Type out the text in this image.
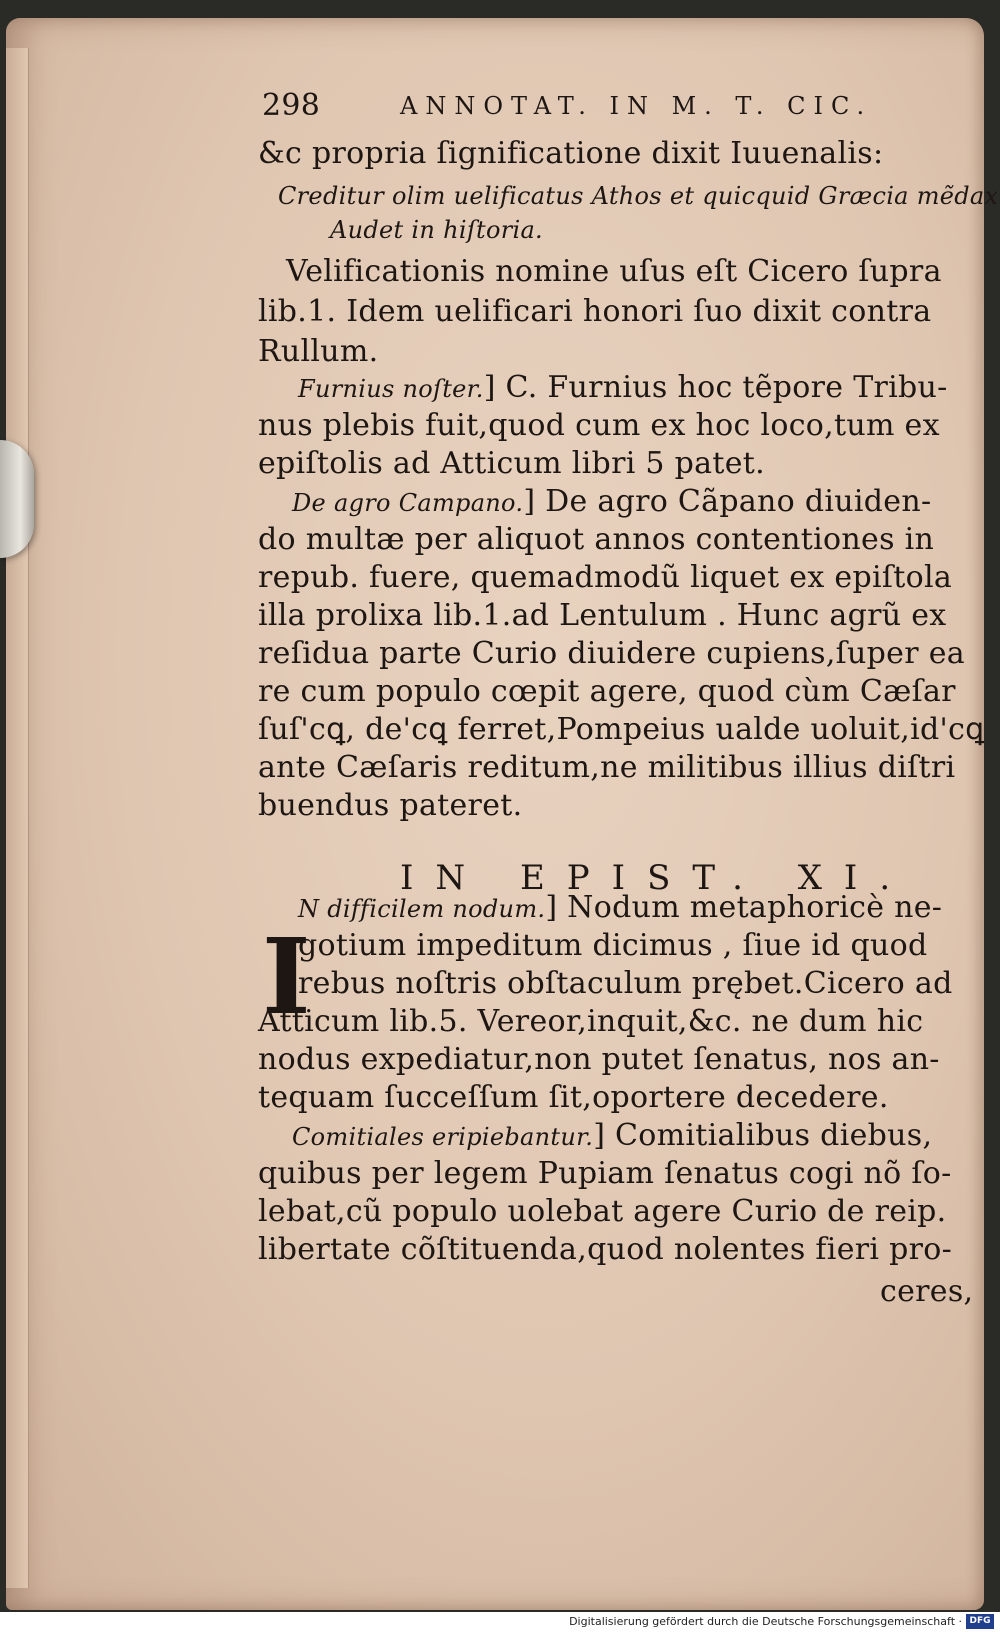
298	ANNOTAT. IN M. T. CIC.
&c propria ſignificatione dixit Iuuenalis:
Creditur olim uelificatus Athos et quicquid Græcia mẽdax
Audet in hiſtoria.
Velificationis nomine uſus eſt Cicero ſupra
lib.1. Idem uelificari honori ſuo dixit contra
Rullum.
Furnius noſter.] C. Furnius hoc tẽpore Tribu-
nus plebis fuit,quod cum ex hoc loco,tum ex
epiſtolis ad Atticum libri 5 patet.
De agro Campano.] De agro Cãpano diuiden-
do multæ per aliquot annos contentiones in
repub. fuere, quemadmodũ liquet ex epiſtola
illa prolixa lib.1.ad Lentulum . Hunc agrũ ex
reſidua parte Curio diuidere cupiens,ſuper ea
re cum populo cœpit agere, quod cùm Cæſar
ſuſ'cꝗ, de'cꝗ ferret,Pompeius ualde uoluit,id'cꝗ
ante Cæſaris reditum,ne militibus illius diſtri
buendus pateret.
IN EPIST. XI.
I
N difficilem nodum.] Nodum metaphoricè ne-
gotium impeditum dicimus , ſiue id quod
rebus noſtris obſtaculum prębet.Cicero ad
Atticum lib.5. Vereor,inquit,&c. ne dum hic
nodus expediatur,non putet ſenatus, nos an-
tequam ſucceſſum ſit,oportere decedere.
Comitiales eripiebantur.] Comitialibus diebus,
quibus per legem Pupiam ſenatus cogi nõ ſo-
lebat,cũ populo uolebat agere Curio de reip.
libertate cõſtituenda,quod nolentes fieri pro-
ceres,
Digitalisierung gefördert durch die Deutsche Forschungsgemeinschaft · DFG
